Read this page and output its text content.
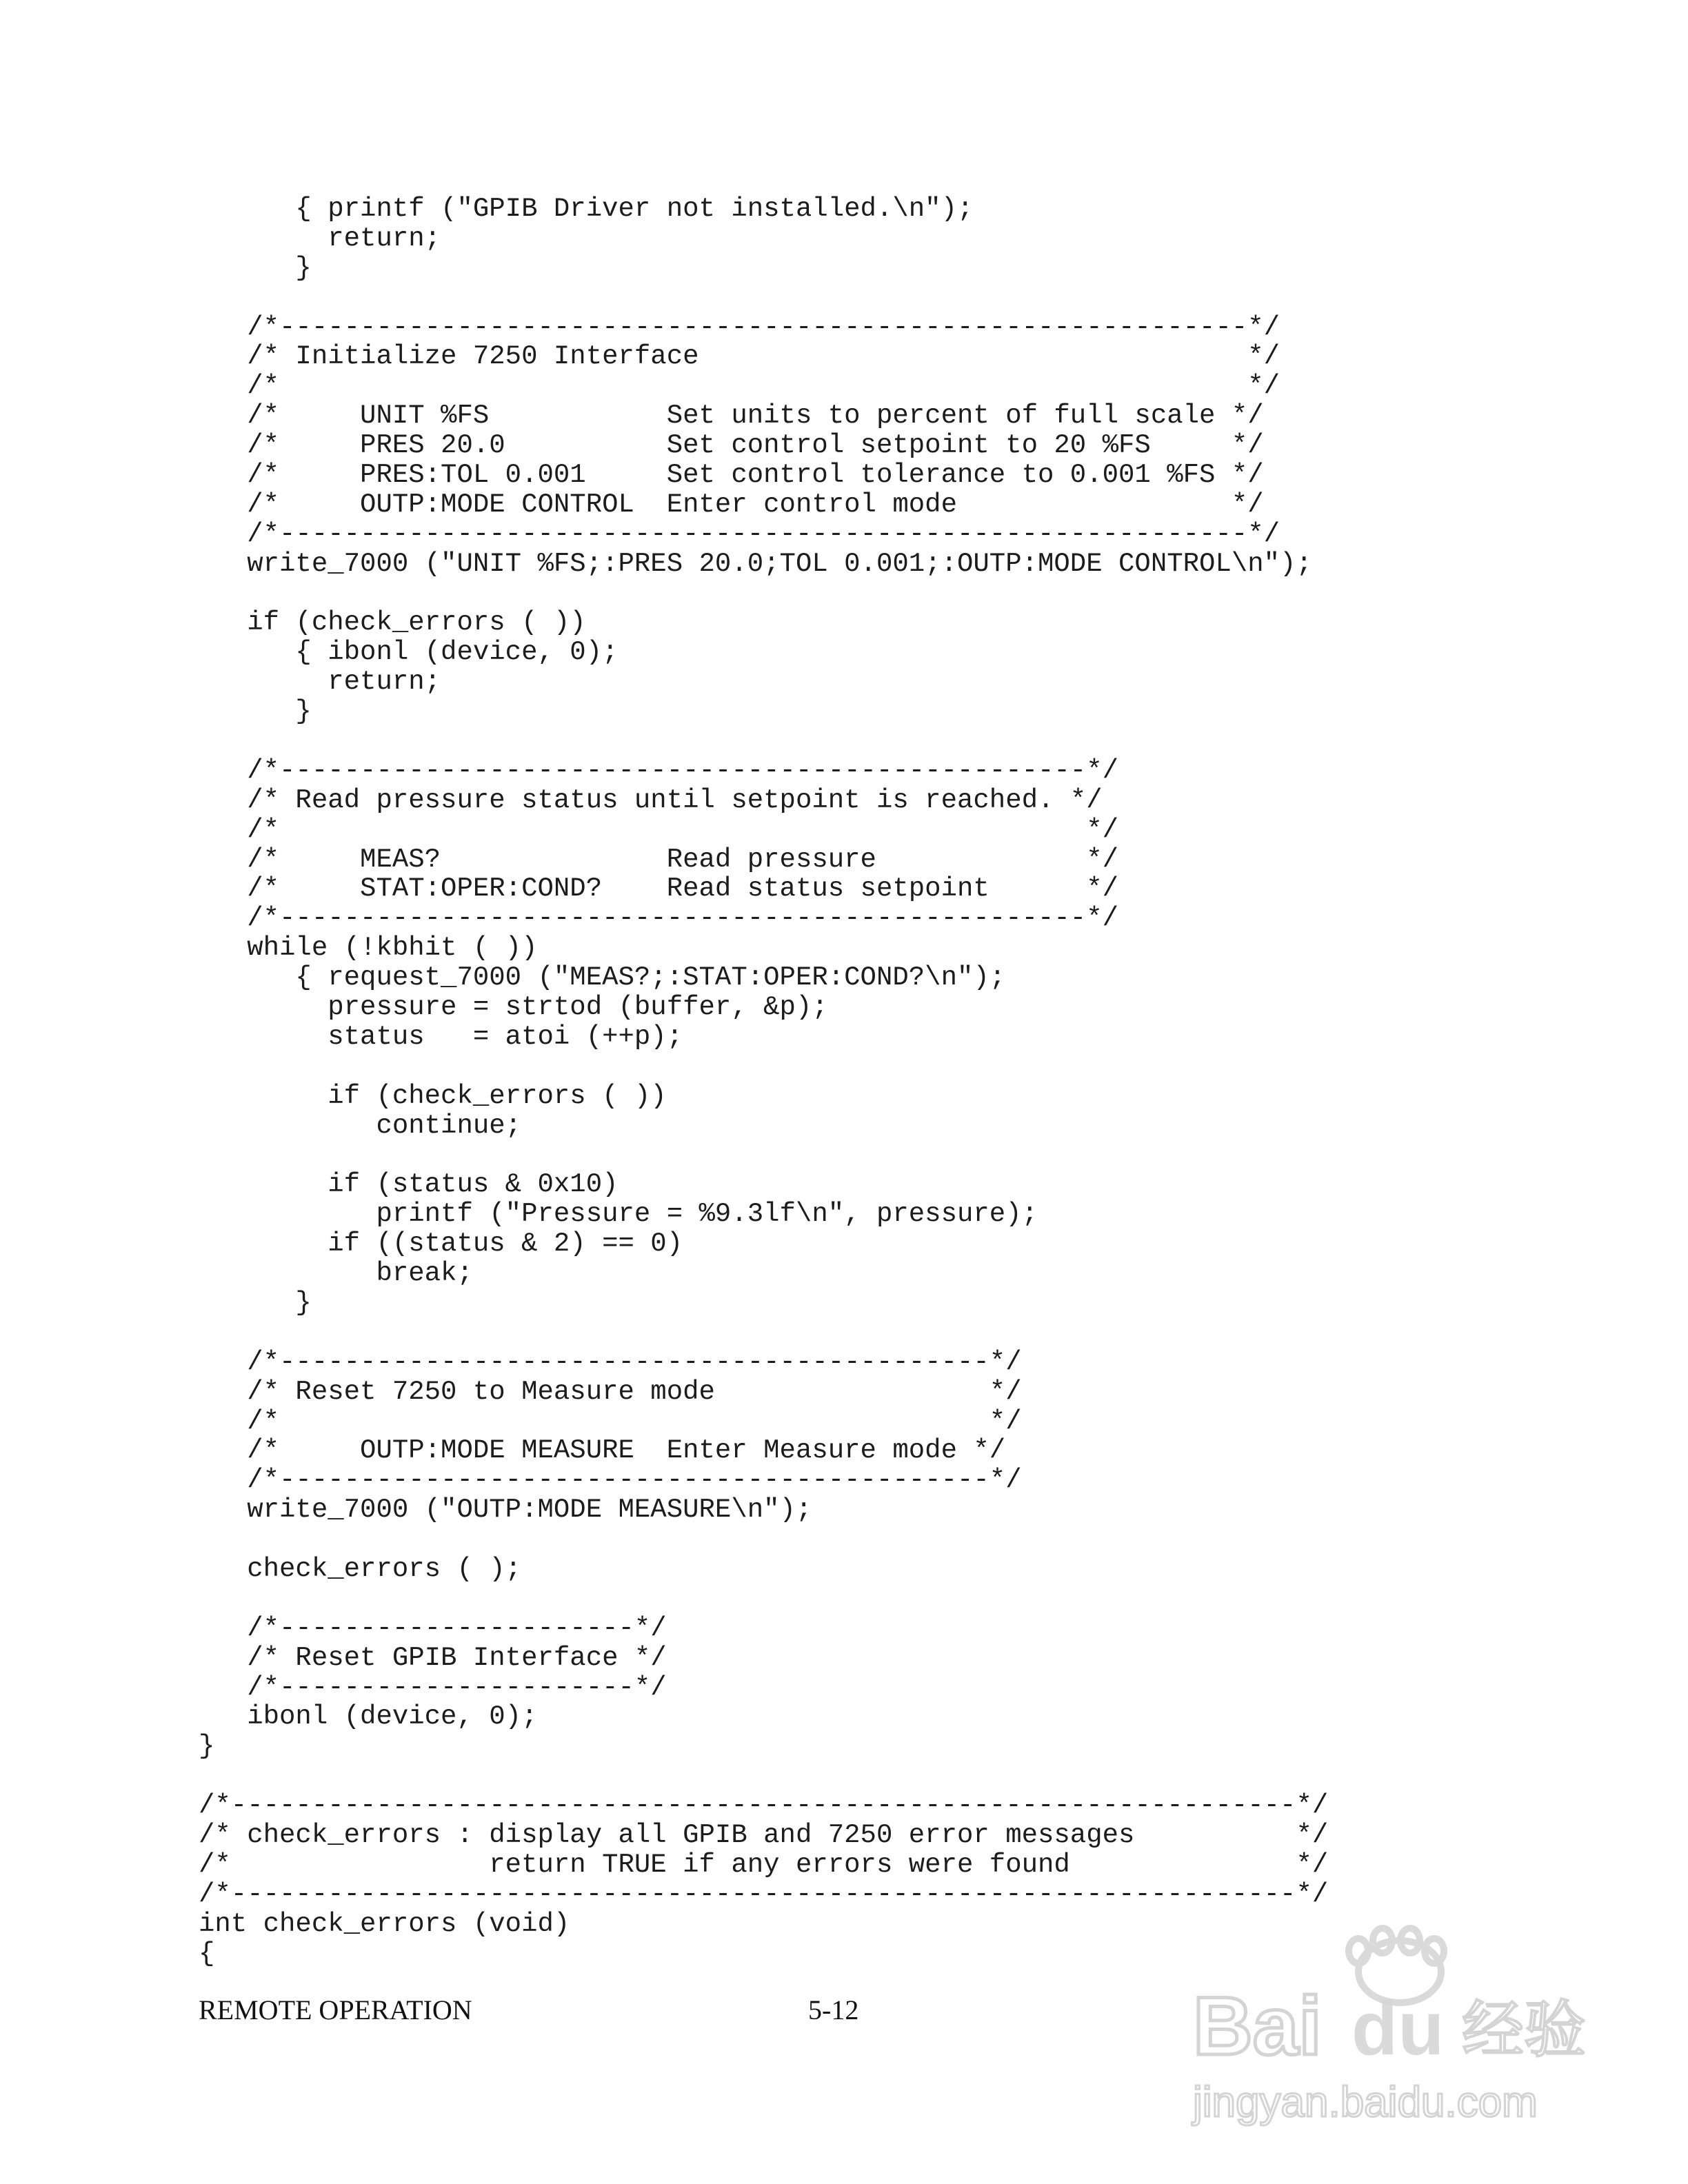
{ printf ("GPIB Driver not installed.\n");
return;
}
/*------------------------------------------------------------*/
/* Initialize 7250 Interface                                  */
/*                                                            */
/*     UNIT %FS           Set units to percent of full scale */
/*     PRES 20.0          Set control setpoint to 20 %FS     */
/*     PRES:TOL 0.001     Set control tolerance to 0.001 %FS */
/*     OUTP:MODE CONTROL  Enter control mode                 */
/*------------------------------------------------------------*/
write_7000 ("UNIT %FS;:PRES 20.0;TOL 0.001;:OUTP:MODE CONTROL\n");
if (check_errors ( ))
{ ibonl (device, 0);
return;
}
/*--------------------------------------------------*/
/* Read pressure status until setpoint is reached. */
/*                                                  */
/*     MEAS?              Read pressure             */
/*     STAT:OPER:COND?    Read status setpoint      */
/*--------------------------------------------------*/
while (!kbhit ( ))
{ request_7000 ("MEAS?;:STAT:OPER:COND?\n");
pressure = strtod (buffer, &p);
status   = atoi (++p);
if (check_errors ( ))
continue;
if (status & 0x10)
printf ("Pressure = %9.3lf\n", pressure);
if ((status & 2) == 0)
break;
}
/*--------------------------------------------*/
/* Reset 7250 to Measure mode                 */
/*                                            */
/*     OUTP:MODE MEASURE  Enter Measure mode */
/*--------------------------------------------*/
write_7000 ("OUTP:MODE MEASURE\n");
check_errors ( );
/*----------------------*/
/* Reset GPIB Interface */
/*----------------------*/
ibonl (device, 0);
}
/*------------------------------------------------------------------*/
/* check_errors : display all GPIB and 7250 error messages          */
/*                return TRUE if any errors were found              */
/*------------------------------------------------------------------*/
int check_errors (void)
{
REMOTE OPERATION	5-12	Bai du 经验
jingyan.baidu.com
